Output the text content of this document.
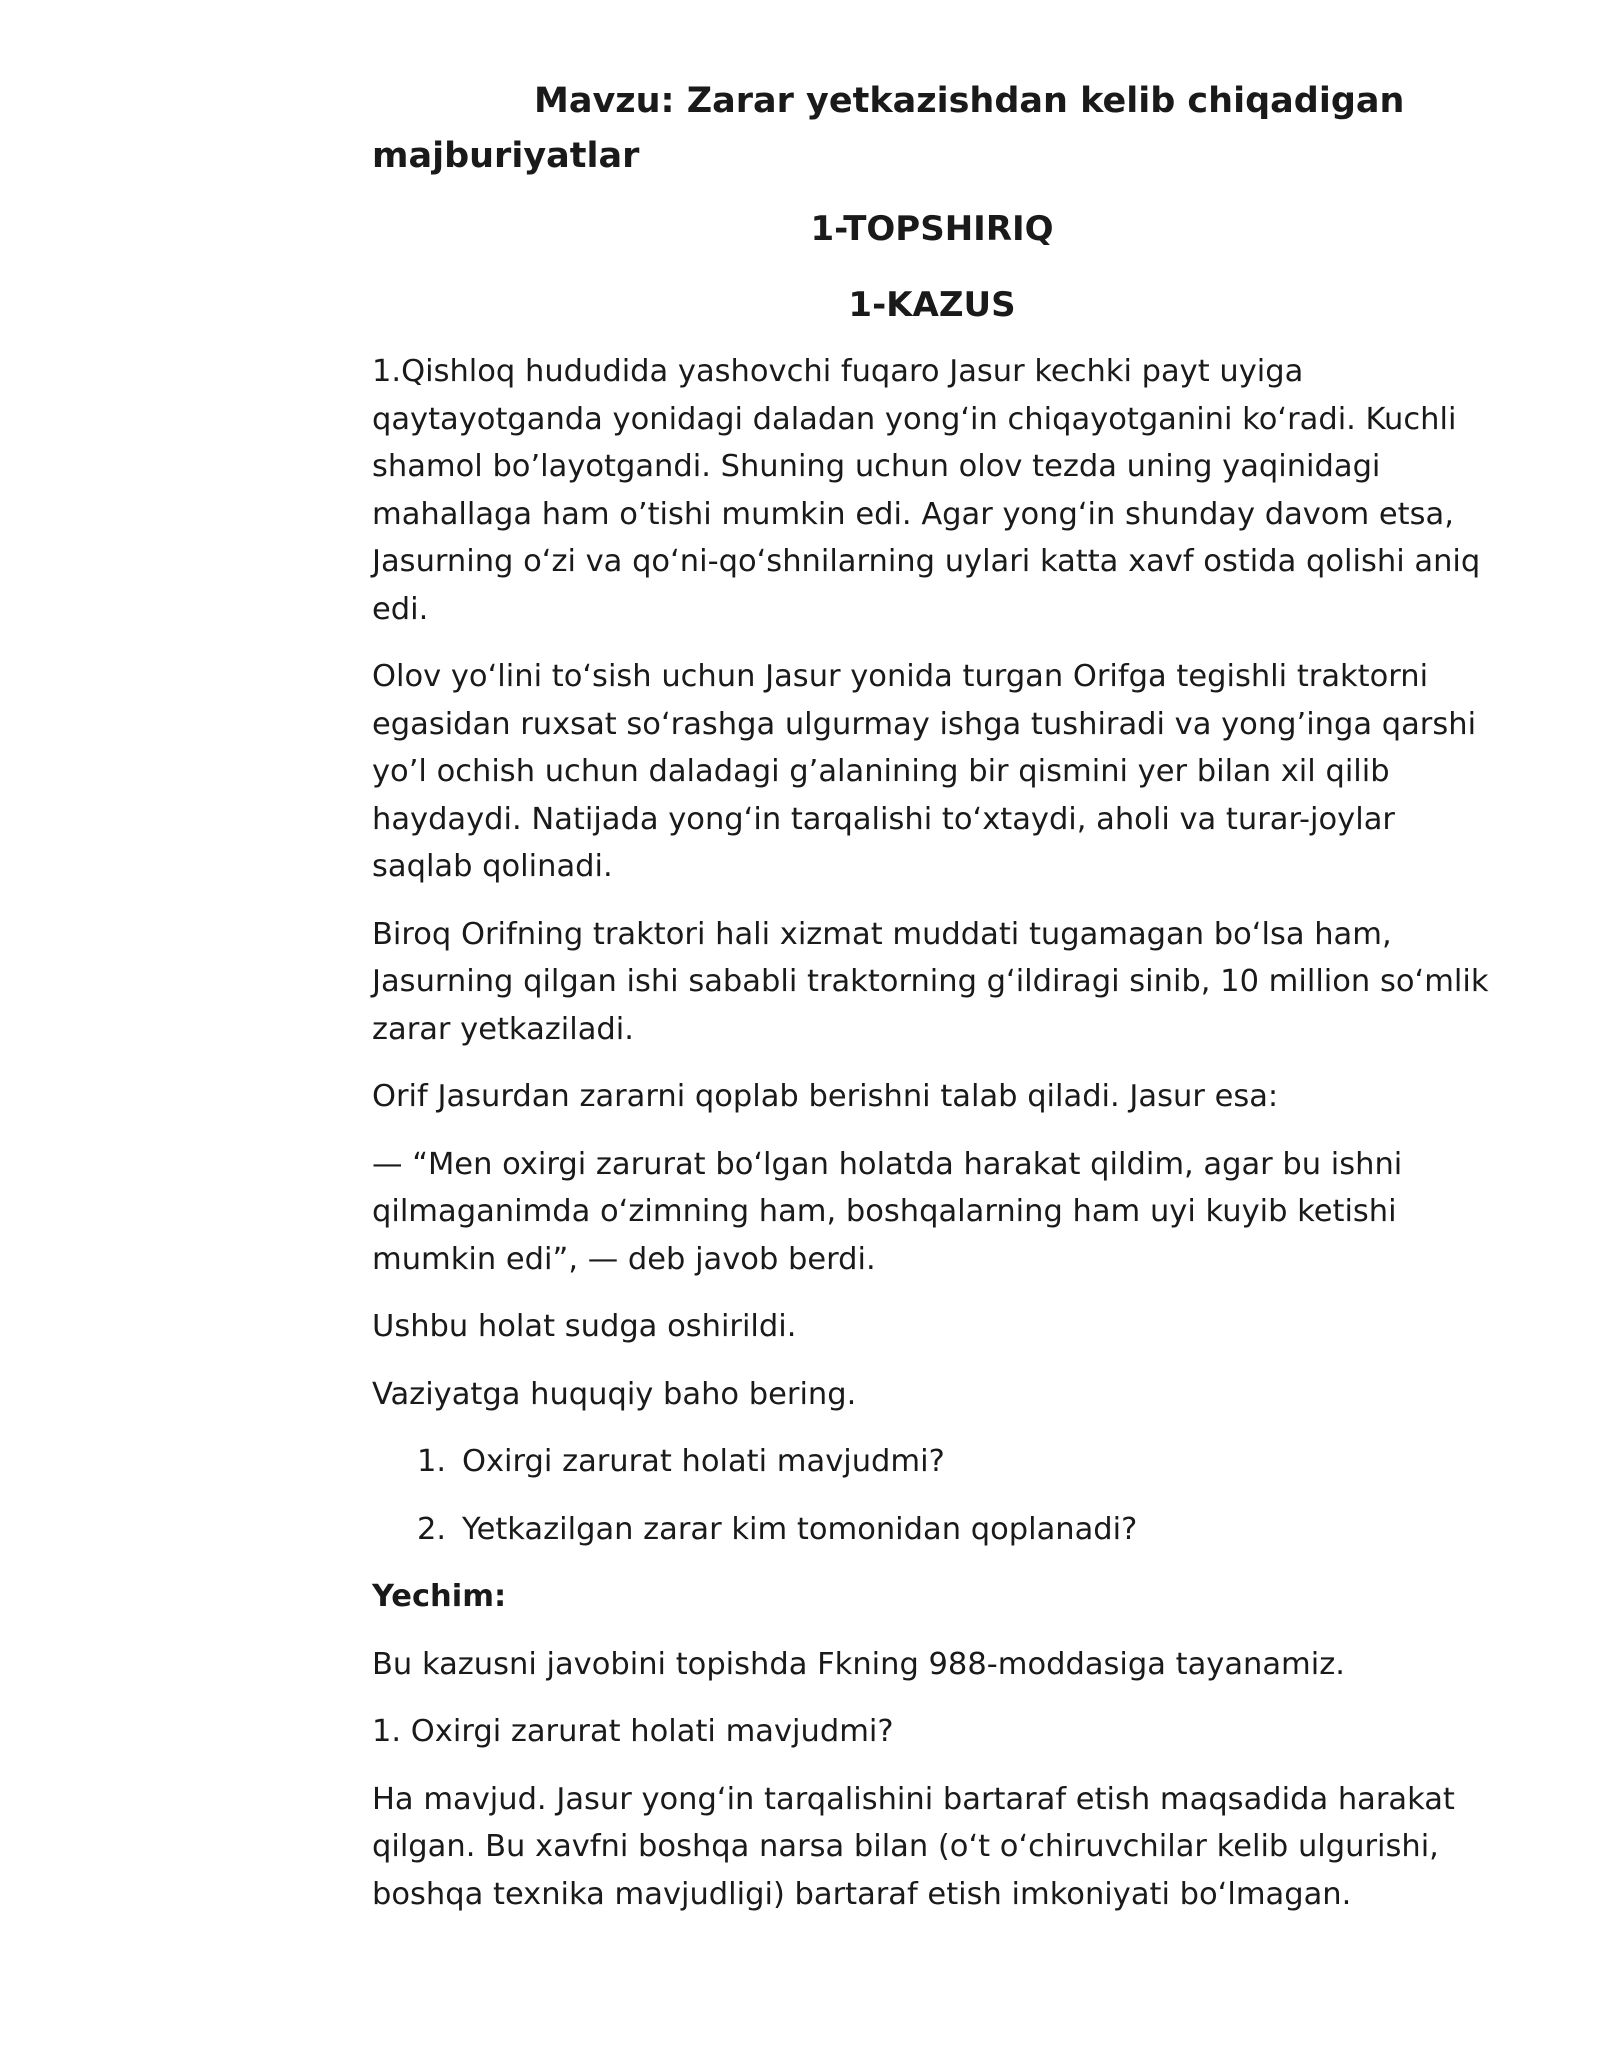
Mavzu: Zarar yetkazishdan kelib chiqadigan majburiyatlar

1-TOPSHIRIQ

1-KAZUS

1.Qishloq hududida yashovchi fuqaro Jasur kechki payt uyiga qaytayotganda yonidagi daladan yong‘in chiqayotganini ko‘radi. Kuchli shamol bo’layotgandi. Shuning uchun olov tezda uning yaqinidagi mahallaga ham o’tishi mumkin edi. Agar yong‘in shunday davom etsa, Jasurning o‘zi va qo‘ni-qo‘shnilarning uylari katta xavf ostida qolishi aniq edi.

Olov yo‘lini to‘sish uchun Jasur yonida turgan Orifga tegishli traktorni egasidan ruxsat so‘rashga ulgurmay ishga tushiradi va yong’inga qarshi yo’l ochish uchun daladagi g’alanining bir qismini yer bilan xil qilib haydaydi. Natijada yong‘in tarqalishi to‘xtaydi, aholi va turar-joylar saqlab qolinadi.

Biroq Orifning traktori hali xizmat muddati tugamagan bo‘lsa ham, Jasurning qilgan ishi sababli traktorning g‘ildiragi sinib, 10 million so‘mlik zarar yetkaziladi.

Orif Jasurdan zararni qoplab berishni talab qiladi. Jasur esa:

— “Men oxirgi zarurat bo‘lgan holatda harakat qildim, agar bu ishni qilmaganimda o‘zimning ham, boshqalarning ham uyi kuyib ketishi mumkin edi”, — deb javob berdi.

Ushbu holat sudga oshirildi.

Vaziyatga huquqiy baho bering.

1. Oxirgi zarurat holati mavjudmi?
2. Yetkazilgan zarar kim tomonidan qoplanadi?

Yechim:

Bu kazusni javobini topishda Fkning 988-moddasiga tayanamiz.

1. Oxirgi zarurat holati mavjudmi?

Ha mavjud. Jasur yong‘in tarqalishini bartaraf etish maqsadida harakat qilgan. Bu xavfni boshqa narsa bilan (o‘t o‘chiruvchilar kelib ulgurishi, boshqa texnika mavjudligi) bartaraf etish imkoniyati bo‘lmagan.
